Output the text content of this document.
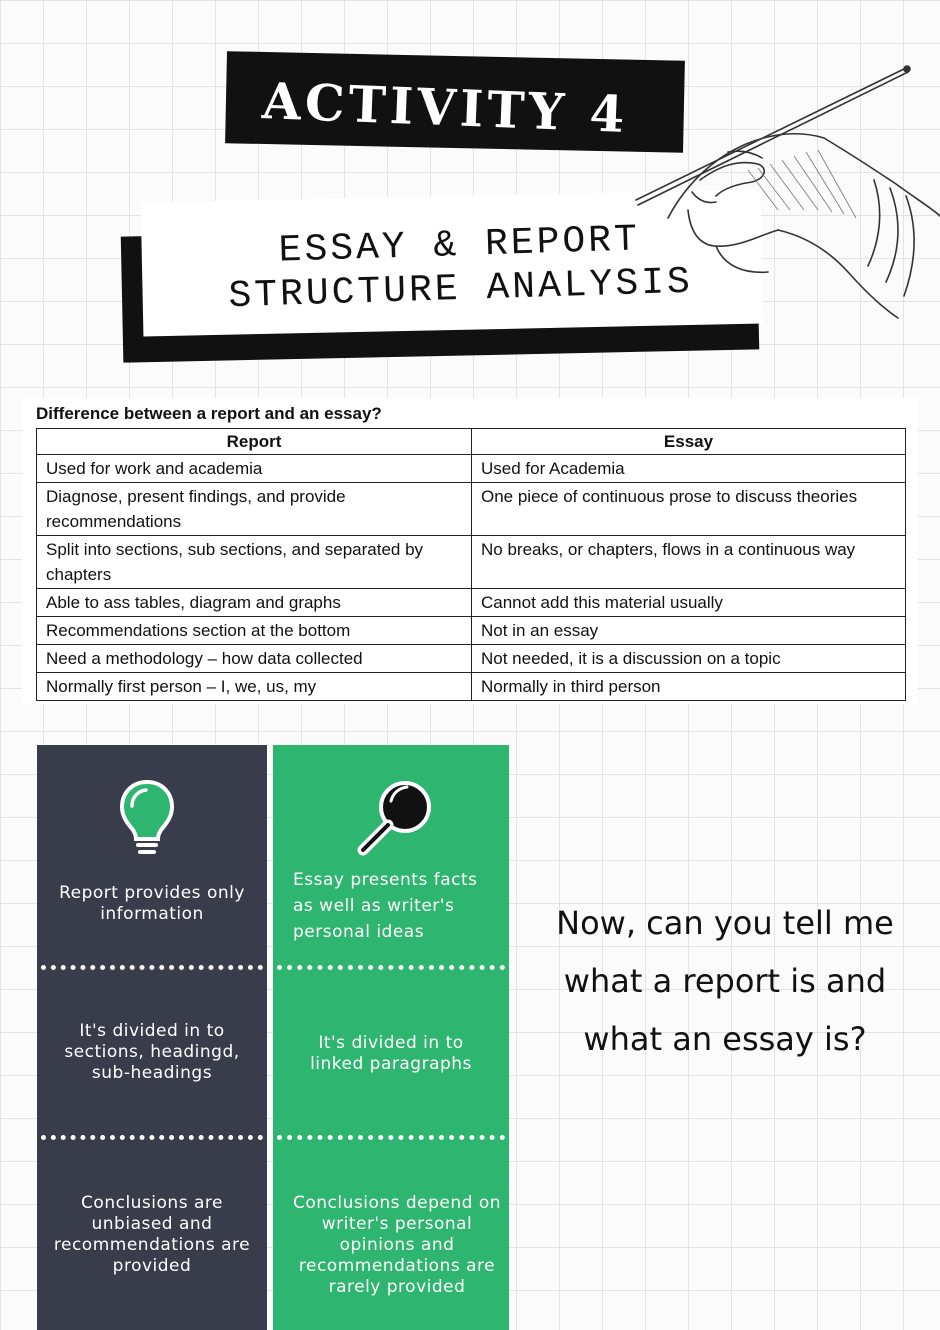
ACTIVITY 4
ESSAY & REPORT
STRUCTURE ANALYSIS
Difference between a report and an essay?
Report	Essay
Used for work and academia	Used for Academia
Diagnose, present findings, and provide recommendations	One piece of continuous prose to discuss theories
Split into sections, sub sections, and separated by chapters	No breaks, or chapters, flows in a continuous way
Able to ass tables, diagram and graphs	Cannot add this material usually
Recommendations section at the bottom	Not in an essay
Need a methodology – how data collected	Not needed, it is a discussion on a topic
Normally first person – I, we, us, my	Normally in third person

Report provides only information

Essay presents facts as well as writer's personal ideas

It's divided in to sections, headingd, sub-headings

It's divided in to linked paragraphs

Conclusions are unbiased and recommendations are provided

Conclusions depend on writer's personal opinions and recommendations are rarely provided

Now, can you tell me
what a report is and
what an essay is?
